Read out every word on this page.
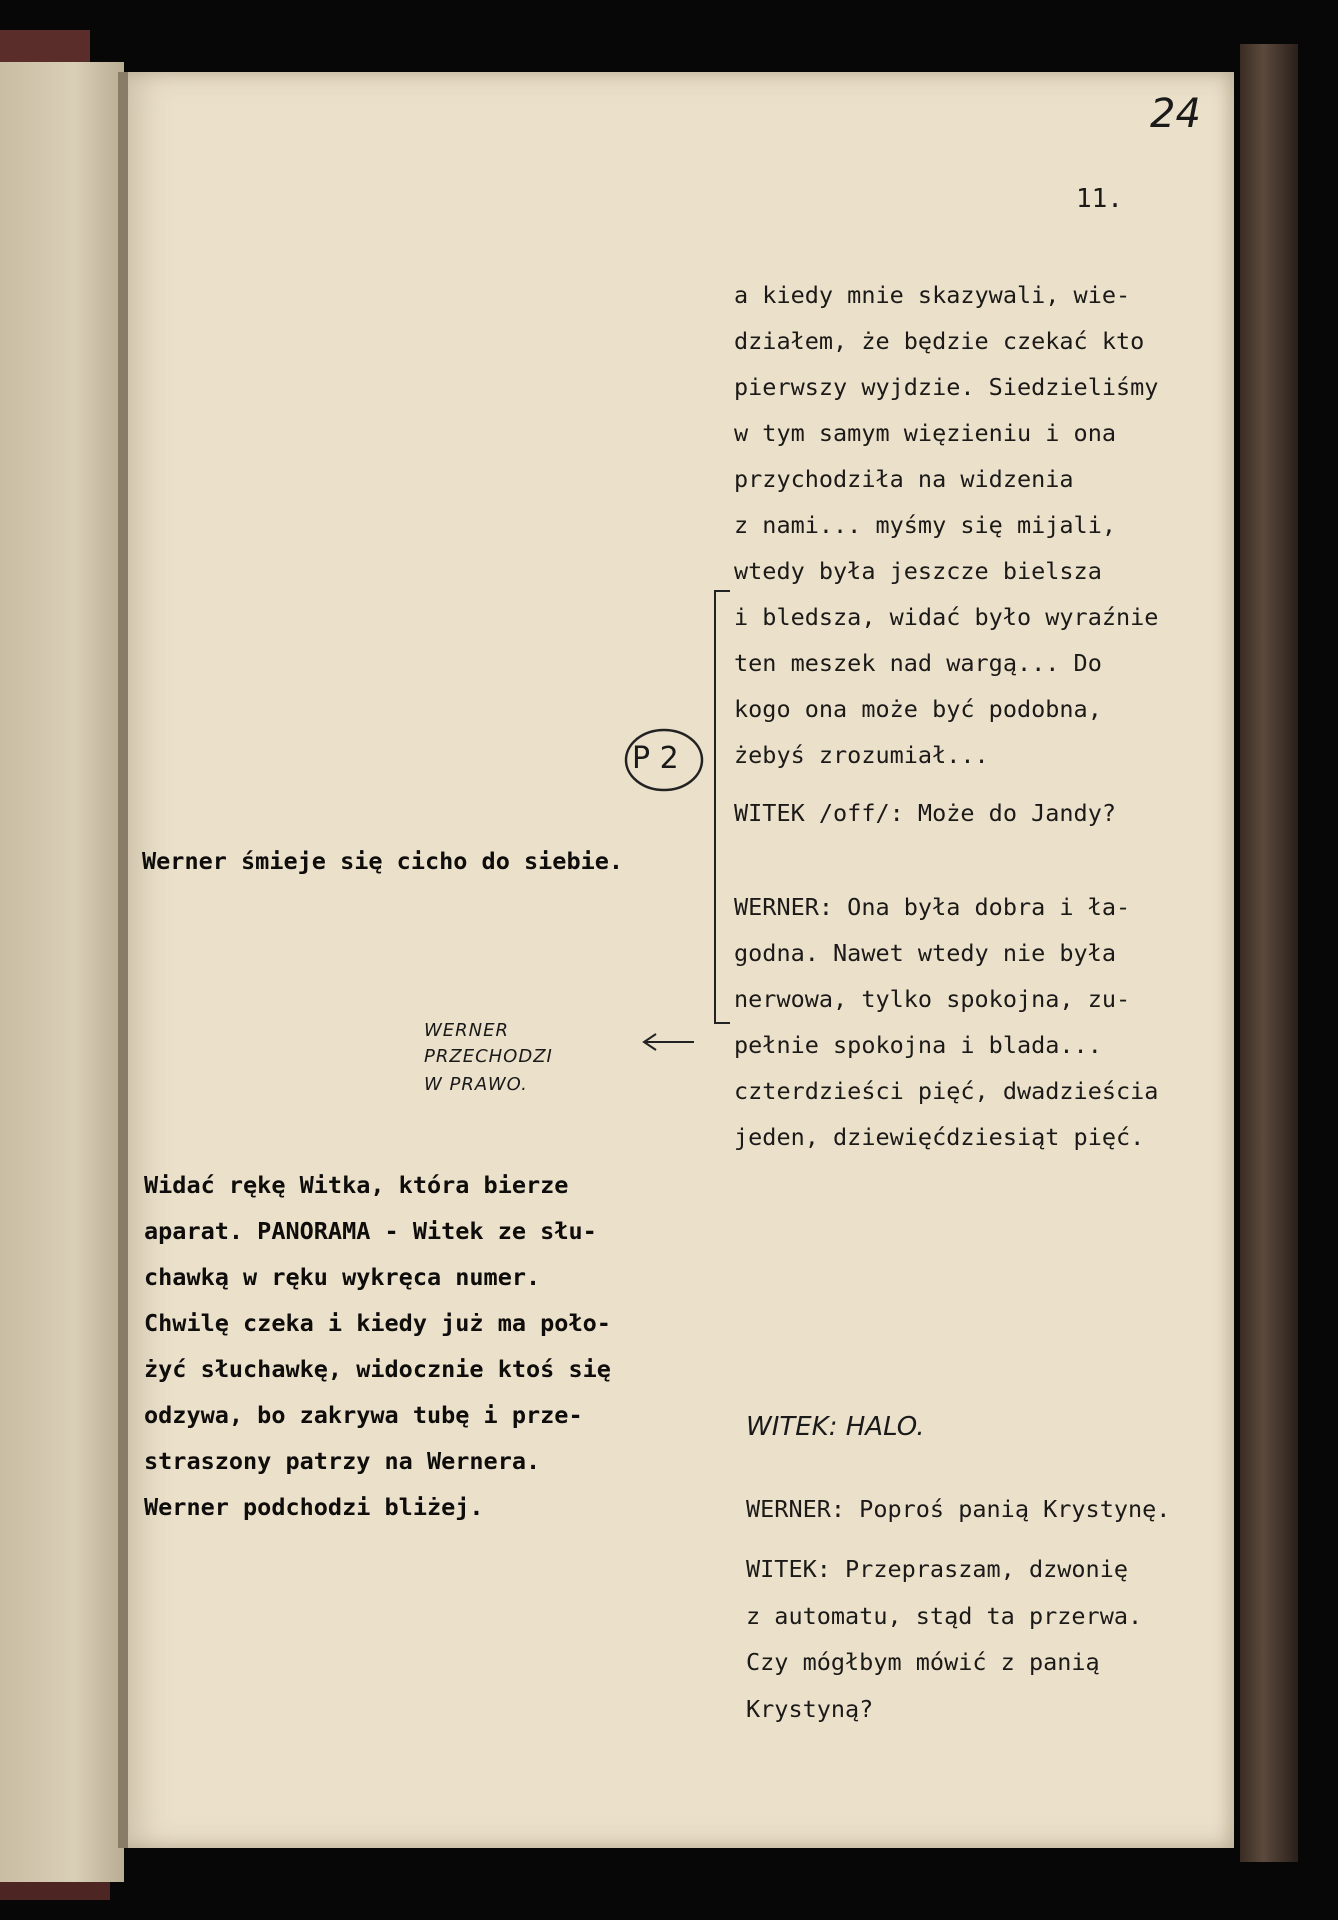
24
11.
a kiedy mnie skazywali, wie-
działem, że będzie czekać kto
pierwszy wyjdzie. Siedzieliśmy
w tym samym więzieniu i ona
przychodziła na widzenia
z nami... myśmy się mijali,
wtedy była jeszcze bielsza
i bledsza, widać było wyraźnie
ten meszek nad wargą... Do
kogo ona może być podobna,
żebyś zrozumiał...
WITEK /off/: Może do Jandy?
WERNER: Ona była dobra i ła-
godna. Nawet wtedy nie była
nerwowa, tylko spokojna, zu-
pełnie spokojna i blada...
czterdzieści pięć, dwadzieścia
jeden, dziewięćdziesiąt pięć.
WERNER: Poproś panią Krystynę.
WITEK: Przepraszam, dzwonię
z automatu, stąd ta przerwa.
Czy mógłbym mówić z panią
Krystyną?
Werner śmieje się cicho do siebie.
Widać rękę Witka, która bierze
aparat. PANORAMA - Witek ze słu-
chawką w ręku wykręca numer.
Chwilę czeka i kiedy już ma poło-
żyć słuchawkę, widocznie ktoś się
odzywa, bo zakrywa tubę i prze-
straszony patrzy na Wernera.
Werner podchodzi bliżej.
P 2
WERNER
PRZECHODZI
W PRAWO.
WITEK: HALO.
